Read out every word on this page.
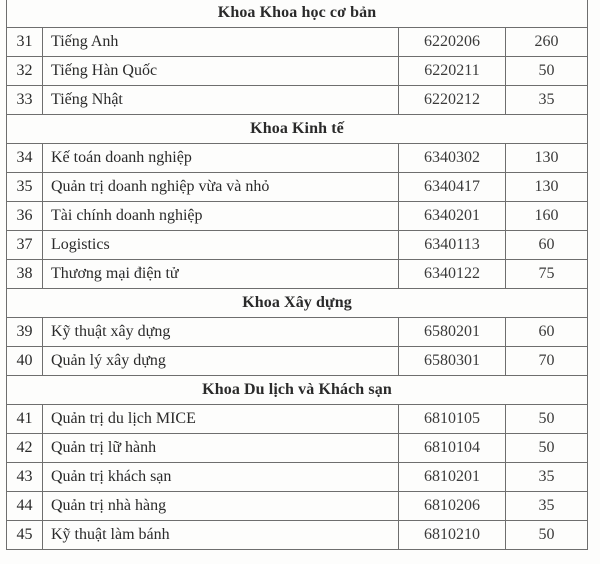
Khoa Khoa học cơ bản			
31	Tiếng Anh	6220206	260
32	Tiếng Hàn Quốc	6220211	50
33	Tiếng Nhật	6220212	35
Khoa Kinh tế			
34	Kế toán doanh nghiệp	6340302	130
35	Quản trị doanh nghiệp vừa và nhỏ	6340417	130
36	Tài chính doanh nghiệp	6340201	160
37	Logistics	6340113	60
38	Thương mại điện tử	6340122	75
Khoa Xây dựng			
39	Kỹ thuật xây dựng	6580201	60
40	Quản lý xây dựng	6580301	70
Khoa Du lịch và Khách sạn			
41	Quản trị du lịch MICE	6810105	50
42	Quản trị lữ hành	6810104	50
43	Quản trị khách sạn	6810201	35
44	Quản trị nhà hàng	6810206	35
45	Kỹ thuật làm bánh	6810210	50
